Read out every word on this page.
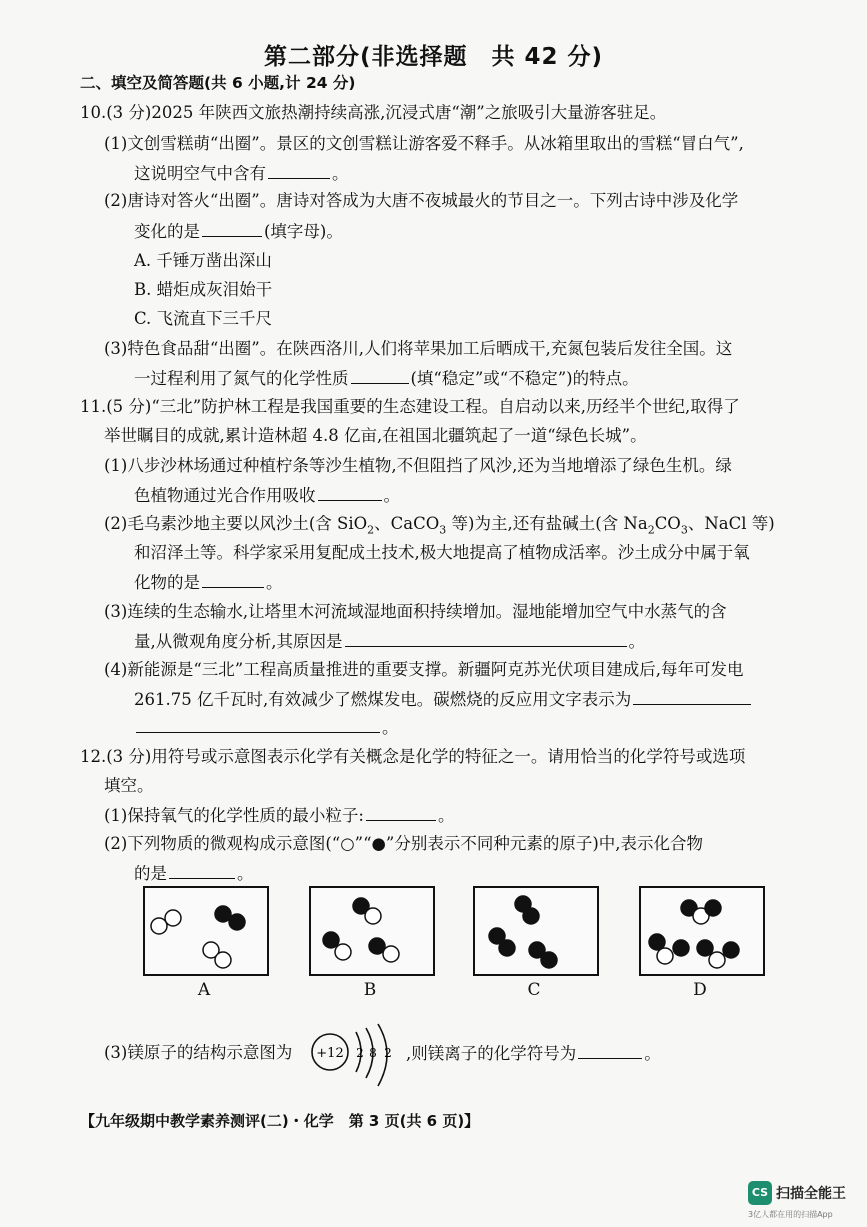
第二部分(非选择题　共 42 分)
二、填空及简答题(共 6 小题,计 24 分)
10.(3 分)2025 年陕西文旅热潮持续高涨,沉浸式唐“潮”之旅吸引大量游客驻足。
(1)文创雪糕萌“出圈”。景区的文创雪糕让游客爱不释手。从冰箱里取出的雪糕“冒白气”,
这说明空气中含有	。
(2)唐诗对答火“出圈”。唐诗对答成为大唐不夜城最火的节目之一。下列古诗中涉及化学
变化的是	(填字母)。
A. 千锤万凿出深山
B. 蜡炬成灰泪始干
C. 飞流直下三千尺
(3)特色食品甜“出圈”。在陕西洛川,人们将苹果加工后晒成干,充氮包装后发往全国。这
一过程利用了氮气的化学性质	(填“稳定”或“不稳定”)的特点。
11.(5 分)“三北”防护林工程是我国重要的生态建设工程。自启动以来,历经半个世纪,取得了
举世瞩目的成就,累计造林超 4.8 亿亩,在祖国北疆筑起了一道“绿色长城”。
(1)八步沙林场通过种植柠条等沙生植物,不但阻挡了风沙,还为当地增添了绿色生机。绿
色植物通过光合作用吸收	。
(2)毛乌素沙地主要以风沙土(含 SiO$_2$、CaCO$_3$ 等)为主,还有盐碱土(含 $Na_2CO_3$、NaCl 等)
和沼泽土等。科学家采用复配成土技术,极大地提高了植物成活率。沙土成分中属于氧
化物的是	。
(3)连续的生态输水,让塔里木河流域湿地面积持续增加。湿地能增加空气中水蒸气的含
量,从微观角度分析,其原因是	。
(4)新能源是“三北”工程高质量推进的重要支撑。新疆阿克苏光伏项目建成后,每年可发电
261.75 亿千瓦时,有效减少了燃煤发电。碳燃烧的反应用文字表示为
。
12.(3 分)用符号或示意图表示化学有关概念是化学的特征之一。请用恰当的化学符号或选项
填空。
(1)保持氧气的化学性质的最小粒子:	。
(2)下列物质的微观构成示意图(“○”“●”分别表示不同种元素的原子)中,表示化合物
的是	。
A	B	C	D
(3)镁原子的结构示意图为 +12 2 8 2 ,则镁离子的化学符号为	。
【九年级期中教学素养测评(二)・化学　第 3 页(共 6 页)】
CS 扫描全能王
3亿人都在用的扫描App
